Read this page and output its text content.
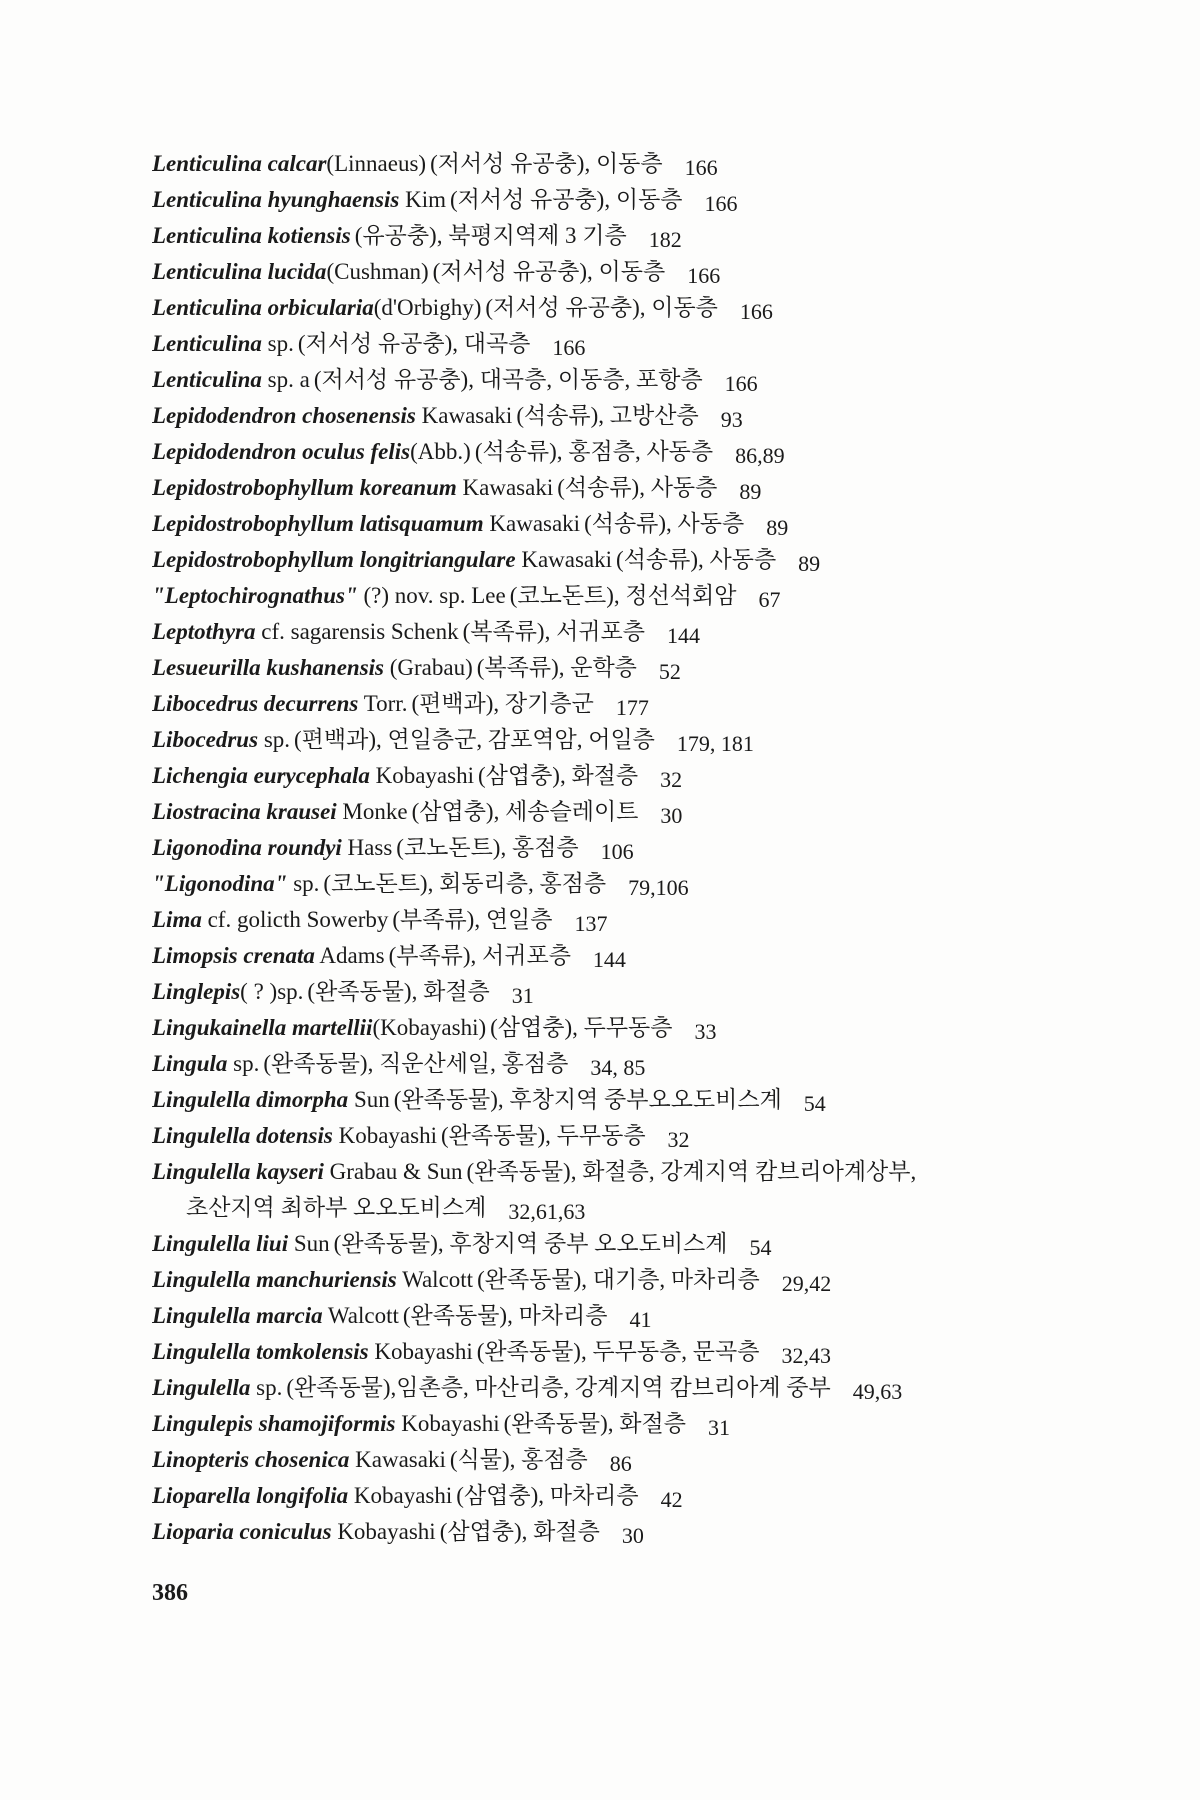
Lenticulina calcar(Linnaeus) (저서성 유공충), 이동층 166
Lenticulina hyunghaensis Kim (저서성 유공충), 이동층 166
Lenticulina kotiensis (유공충), 북평지역제 3 기층 182
Lenticulina lucida(Cushman) (저서성 유공충), 이동층 166
Lenticulina orbicularia(d'Orbighy) (저서성 유공충), 이동층 166
Lenticulina sp. (저서성 유공충), 대곡층 166
Lenticulina sp. a (저서성 유공충), 대곡층, 이동층, 포항층 166
Lepidodendron chosenensis Kawasaki (석송류), 고방산층 93
Lepidodendron oculus felis(Abb.) (석송류), 홍점층, 사동층 86,89
Lepidostrobophyllum koreanum Kawasaki (석송류), 사동층 89
Lepidostrobophyllum latisquamum Kawasaki (석송류), 사동층 89
Lepidostrobophyllum longitriangulare Kawasaki (석송류), 사동층 89
"Leptochirognathus" (?) nov. sp. Lee (코노돈트), 정선석회암 67
Leptothyra cf. sagarensis Schenk (복족류), 서귀포층 144
Lesueurilla kushanensis (Grabau) (복족류), 운학층 52
Libocedrus decurrens Torr. (편백과), 장기층군 177
Libocedrus sp. (편백과), 연일층군, 감포역암, 어일층 179, 181
Lichengia eurycephala Kobayashi (삼엽충), 화절층 32
Liostracina krausei Monke (삼엽충), 세송슬레이트 30
Ligonodina roundyi Hass (코노돈트), 홍점층 106
"Ligonodina" sp. (코노돈트), 회동리층, 홍점층 79,106
Lima cf. golicth Sowerby (부족류), 연일층 137
Limopsis crenata Adams (부족류), 서귀포층 144
Linglepis( ? )sp. (완족동물), 화절층 31
Lingukainella martellii(Kobayashi) (삼엽충), 두무동층 33
Lingula sp. (완족동물), 직운산세일, 홍점층 34, 85
Lingulella dimorpha Sun (완족동물), 후창지역 중부오오도비스계 54
Lingulella dotensis Kobayashi (완족동물), 두무동층 32
Lingulella kayseri Grabau & Sun (완족동물), 화절층, 강계지역 캄브리아계상부,
초산지역 최하부 오오도비스계 32,61,63
Lingulella liui Sun (완족동물), 후창지역 중부 오오도비스계 54
Lingulella manchuriensis Walcott (완족동물), 대기층, 마차리층 29,42
Lingulella marcia Walcott (완족동물), 마차리층 41
Lingulella tomkolensis Kobayashi (완족동물), 두무동층, 문곡층 32,43
Lingulella sp. (완족동물),임촌층, 마산리층, 강계지역 캄브리아계 중부 49,63
Lingulepis shamojiformis Kobayashi (완족동물), 화절층 31
Linopteris chosenica Kawasaki (식물), 홍점층 86
Lioparella longifolia Kobayashi (삼엽충), 마차리층 42
Lioparia coniculus Kobayashi (삼엽충), 화절층 30
386
